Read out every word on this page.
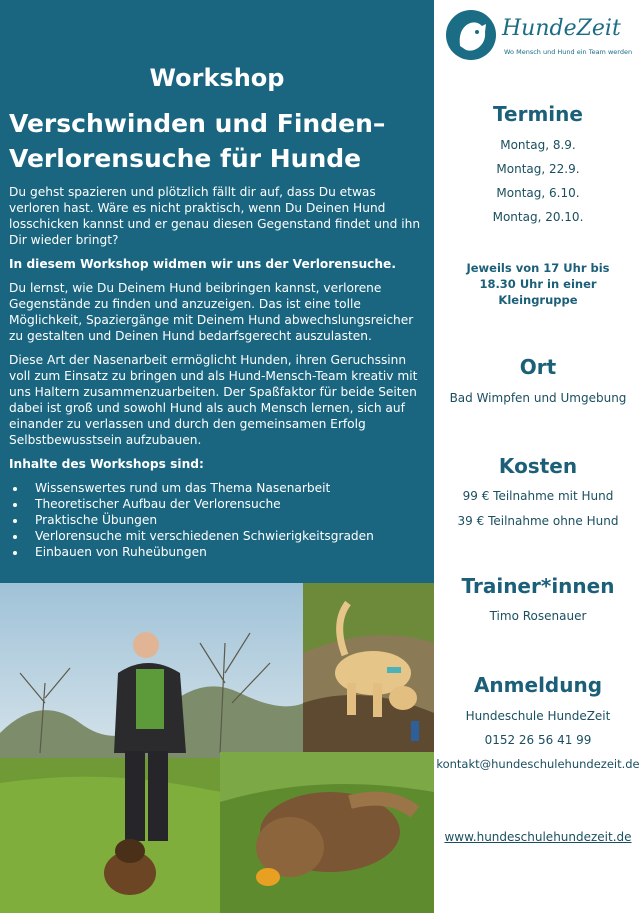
Workshop
Verschwinden und Finden–
Verlorensuche für Hunde

Du gehst spazieren und plötzlich fällt dir auf, dass Du etwas verloren hast. Wäre es nicht praktisch, wenn Du Deinen Hund losschicken kannst und er genau diesen Gegenstand findet und ihn Dir wieder bringt?

In diesem Workshop widmen wir uns der Verlorensuche.

Du lernst, wie Du Deinem Hund beibringen kannst, verlorene Gegenstände zu finden und anzuzeigen. Das ist eine tolle Möglichkeit, Spaziergänge mit Deinem Hund abwechslungsreicher zu gestalten und Deinen Hund bedarfsgerecht auszulasten.

Diese Art der Nasenarbeit ermöglicht Hunden, ihren Geruchssinn voll zum Einsatz zu bringen und als Hund-Mensch-Team kreativ mit uns Haltern zusammenzuarbeiten. Der Spaßfaktor für beide Seiten dabei ist groß und sowohl Hund als auch Mensch lernen, sich auf einander zu verlassen und durch den gemeinsamen Erfolg Selbstbewusstsein aufzubauen.

Inhalte des Workshops sind:

• Wissenswertes rund um das Thema Nasenarbeit
• Theoretischer Aufbau der Verlorensuche
• Praktische Übungen
• Verlorensuche mit verschiedenen Schwierigkeitsgraden
• Einbauen von Ruheübungen
HundeZeit
Wo Mensch und Hund ein Team werden
Termine
Montag, 8.9.
Montag, 22.9.
Montag, 6.10.
Montag, 20.10.
Jeweils von 17 Uhr bis
18.30 Uhr in einer
Kleingruppe
Ort
Bad Wimpfen und Umgebung
Kosten
99 € Teilnahme mit Hund
39 € Teilnahme ohne Hund
Trainer*innen
Timo Rosenauer
Anmeldung
Hundeschule HundeZeit
0152 26 56 41 99
kontakt@hundeschulehundezeit.de
www.hundeschulehundezeit.de
